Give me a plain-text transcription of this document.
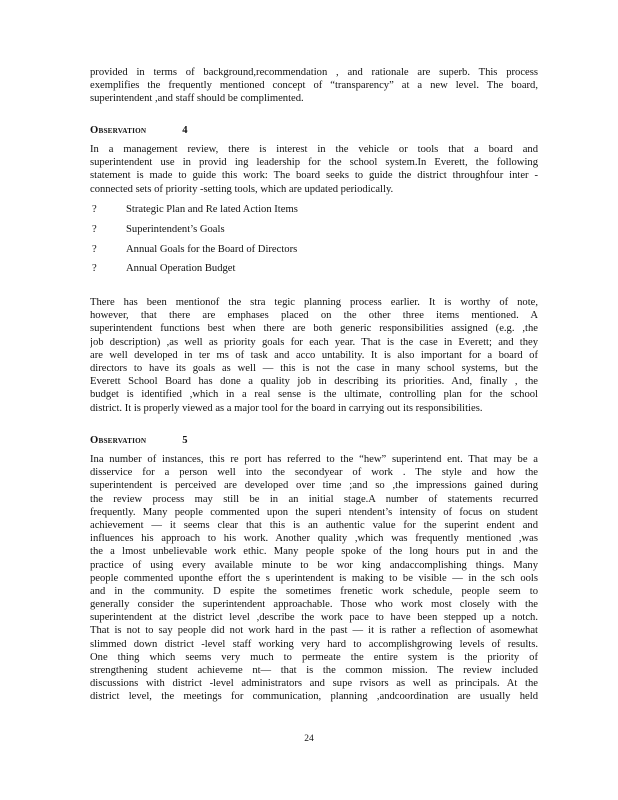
provided in terms of background,recommendation , and rationale are superb. This process
exemplifies the frequently mentioned concept of “transparency” at a new level. The board,
superintendent ,and staff should be complimented.
OBSERVATION	4
In a management review, there is interest in the vehicle or tools that a board and
superintendent use in provid ing leadership for the school system.In Everett, the following
statement is made to guide this work: The board seeks to guide the district throughfour inter -
connected sets of priority -setting tools, which are updated periodically.
?	Strategic Plan and Re lated Action Items
?	Superintendent’s Goals
?	Annual Goals for the Board of Directors
?	Annual Operation Budget
There has been mentionof the stra tegic planning process earlier. It is worthy of note,
however, that there are emphases placed on the other three items mentioned. A
superintendent functions best when there are both generic responsibilities assigned (e.g. ,the
job description) ,as well as priority goals for each year. That is the case in Everett; and they
are well developed in ter ms of task and acco untability. It is also important for a board of
directors to have its goals as well — this is not the case in many school systems, but the
Everett School Board has done a quality job in describing its priorities. And, finally , the
budget is identified ,which in a real sense is the ultimate, controlling plan for the school
district. It is properly viewed as a major tool for the board in carrying out its responsibilities.
OBSERVATION	5
Ina number of instances, this re port has referred to the “hew” superintend ent. That may be a
disservice for a person well into the secondyear of work . The style and how the
superintendent is perceived are developed over time ;and so ,the impressions gained during
the review process may still be in an initial stage.A number of statements recurred
frequently. Many people commented upon the superi ntendent’s intensity of focus on student
achievement — it seems clear that this is an authentic value for the superint endent and
influences his approach to his work. Another quality ,which was frequently mentioned ,was
the a lmost unbelievable work ethic. Many people spoke of the long hours put in and the
practice of using every available minute to be wor king andaccomplishing things. Many
people commented uponthe effort the s uperintendent is making to be visible — in the sch ools
and in the community. D espite the sometimes frenetic work schedule, people seem to
generally consider the superintendent approachable. Those who work most closely with the
superintendent at the district level ,describe the work pace to have been stepped up a notch.
That is not to say people did not work hard in the past — it is rather a reflection of asomewhat
slimmed down district -level staff working very hard to accomplishgrowing levels of results.
One thing which seems very much to permeate the entire system is the priority of
strengthening student achieveme nt— that is the common mission. The review included
discussions with district -level administrators and supe rvisors as well as principals. At the
district level, the meetings for communication, planning ,andcoordination are usually held
24
